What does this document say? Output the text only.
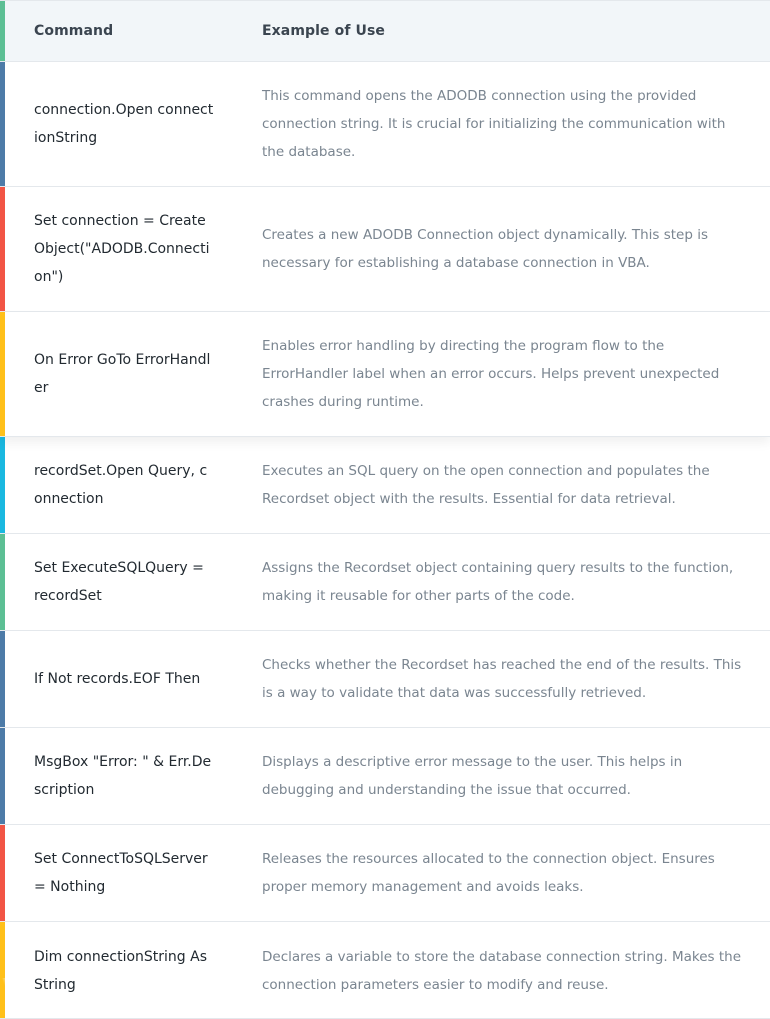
Command	Example of Use
connection.Open connectionString
This command opens the ADODB connection using the provided connection string. It is crucial for initializing the communication with the database.
Set connection = CreateObject("ADODB.Connection")
Creates a new ADODB Connection object dynamically. This step is necessary for establishing a database connection in VBA.
On Error GoTo ErrorHandler
Enables error handling by directing the program flow to the ErrorHandler label when an error occurs. Helps prevent unexpected crashes during runtime.
recordSet.Open Query, connection
Executes an SQL query on the open connection and populates the Recordset object with the results. Essential for data retrieval.
Set ExecuteSQLQuery = recordSet
Assigns the Recordset object containing query results to the function, making it reusable for other parts of the code.
If Not records.EOF Then
Checks whether the Recordset has reached the end of the results. This is a way to validate that data was successfully retrieved.
MsgBox "Error: " & Err.Description
Displays a descriptive error message to the user. This helps in debugging and understanding the issue that occurred.
Set ConnectToSQLServer = Nothing
Releases the resources allocated to the connection object. Ensures proper memory management and avoids leaks.
Dim connectionString As String
Declares a variable to store the database connection string. Makes the connection parameters easier to modify and reuse.
